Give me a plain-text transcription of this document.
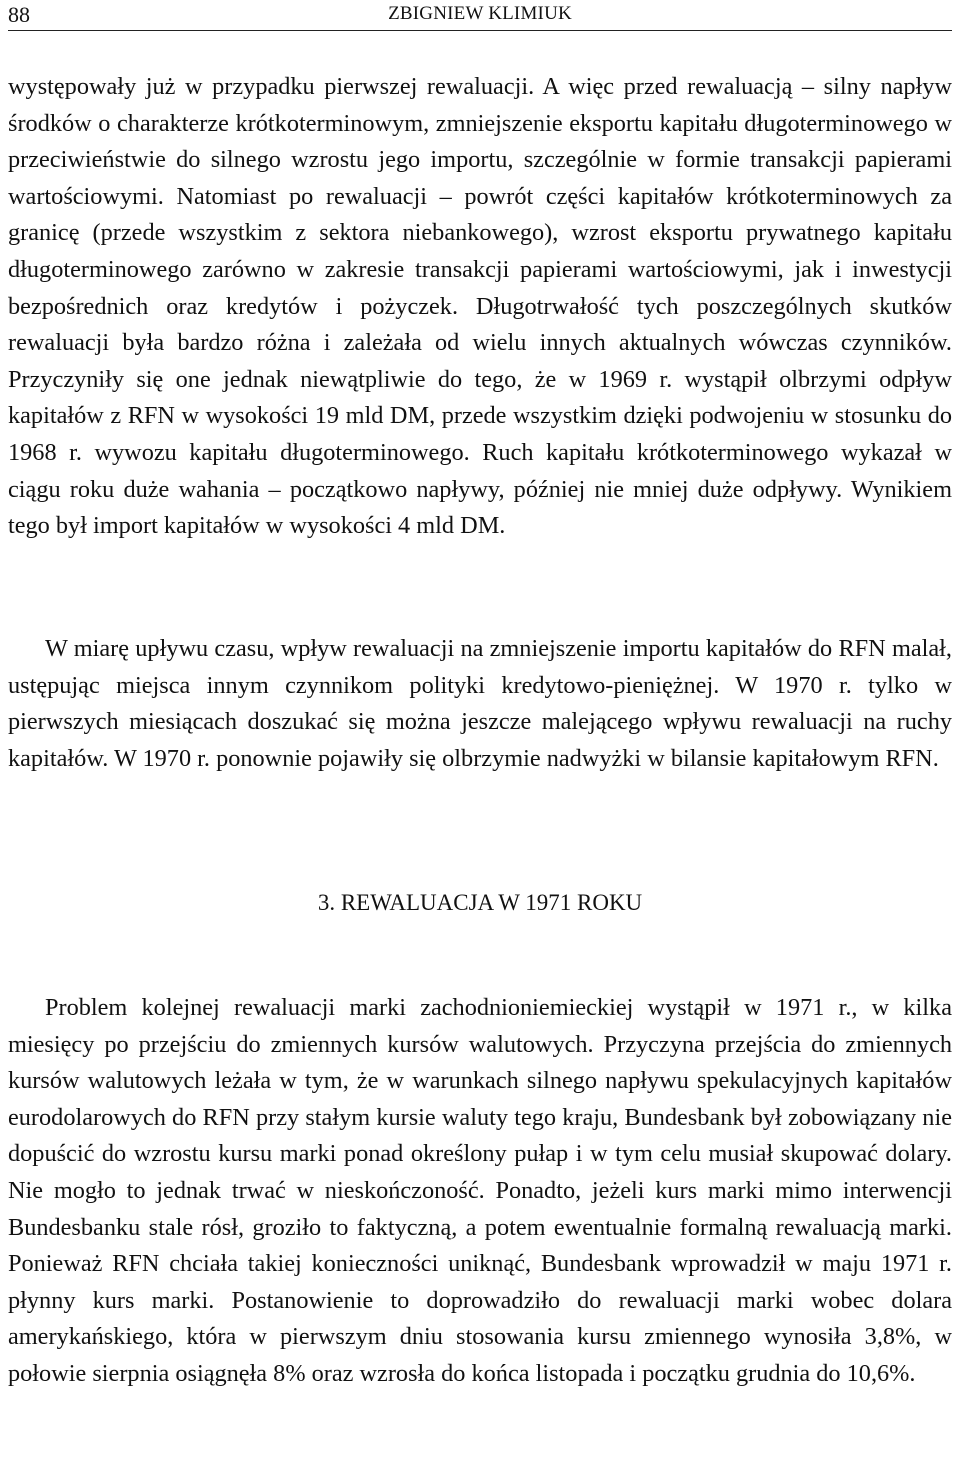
88	ZBIGNIEW KLIMIUK

występowały już w przypadku pierwszej rewaluacji. A więc przed rewaluacją – silny napływ środków o charakterze krótkoterminowym, zmniejszenie eksportu kapitału długoterminowego w przeciwieństwie do silnego wzrostu jego importu, szczególnie w formie transakcji papierami wartościowymi. Natomiast po rewaluacji – powrót części kapitałów krótkoterminowych za granicę (przede wszystkim z sektora niebankowego), wzrost eksportu prywatnego kapitału długoterminowego zarówno w zakresie transakcji papierami wartościowymi, jak i inwestycji bezpośrednich oraz kredytów i pożyczek. Długotrwałość tych poszczególnych skutków rewaluacji była bardzo różna i zależała od wielu innych aktualnych wówczas czynników. Przyczyniły się one jednak niewątpliwie do tego, że w 1969 r. wystąpił olbrzymi odpływ kapitałów z RFN w wysokości 19 mld DM, przede wszystkim dzięki podwojeniu w stosunku do 1968 r. wywozu kapitału długoterminowego. Ruch kapitału krótkoterminowego wykazał w ciągu roku duże wahania – początkowo napływy, później nie mniej duże odpływy. Wynikiem tego był import kapitałów w wysokości 4 mld DM.

W miarę upływu czasu, wpływ rewaluacji na zmniejszenie importu kapitałów do RFN malał, ustępując miejsca innym czynnikom polityki kredytowo-pieniężnej. W 1970 r. tylko w pierwszych miesiącach doszukać się można jeszcze malejącego wpływu rewaluacji na ruchy kapitałów. W 1970 r. ponownie pojawiły się olbrzymie nadwyżki w bilansie kapitałowym RFN.

3. REWALUACJA W 1971 ROKU

Problem kolejnej rewaluacji marki zachodnioniemieckiej wystąpił w 1971 r., w kilka miesięcy po przejściu do zmiennych kursów walutowych. Przyczyna przejścia do zmiennych kursów walutowych leżała w tym, że w warunkach silnego napływu spekulacyjnych kapitałów eurodolarowych do RFN przy stałym kursie waluty tego kraju, Bundesbank był zobowiązany nie dopuścić do wzrostu kursu marki ponad określony pułap i w tym celu musiał skupować dolary. Nie mogło to jednak trwać w nieskończoność. Ponadto, jeżeli kurs marki mimo interwencji Bundesbanku stale rósł, groziło to faktyczną, a potem ewentualnie formalną rewaluacją marki. Ponieważ RFN chciała takiej konieczności uniknąć, Bundesbank wprowadził w maju 1971 r. płynny kurs marki. Postanowienie to doprowadziło do rewaluacji marki wobec dolara amerykańskiego, która w pierwszym dniu stosowania kursu zmiennego wynosiła 3,8%, w połowie sierpnia osiągnęła 8% oraz wzrosła do końca listopada i początku grudnia do 10,6%.
